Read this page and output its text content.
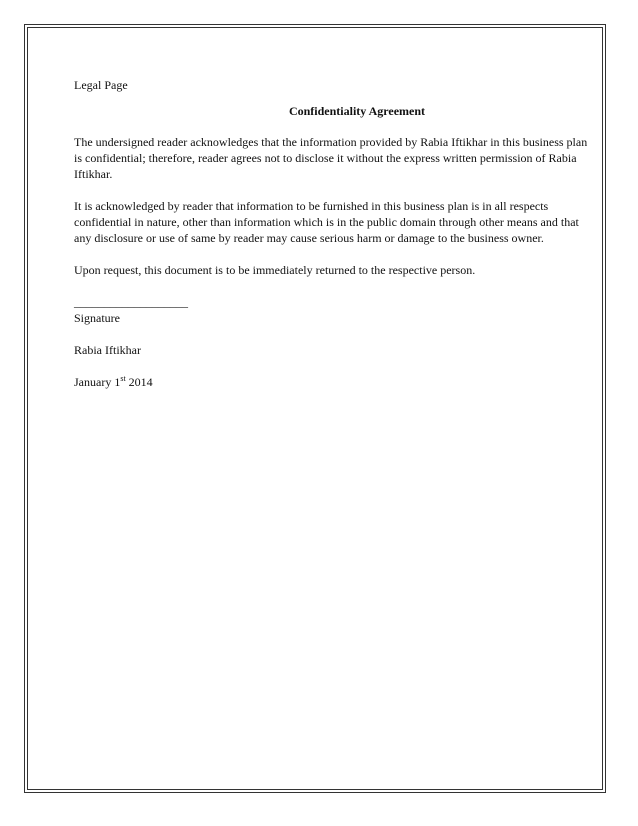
Legal Page

Confidentiality Agreement

The undersigned reader acknowledges that the information provided by Rabia Iftikhar in this business plan is confidential; therefore, reader agrees not to disclose it without the express written permission of Rabia Iftikhar.

It is acknowledged by reader that information to be furnished in this business plan is in all respects confidential in nature, other than information which is in the public domain through other means and that any disclosure or use of same by reader may cause serious harm or damage to the business owner.

Upon request, this document is to be immediately returned to the respective person.

___________________

Signature

Rabia Iftikhar

January 1st 2014
